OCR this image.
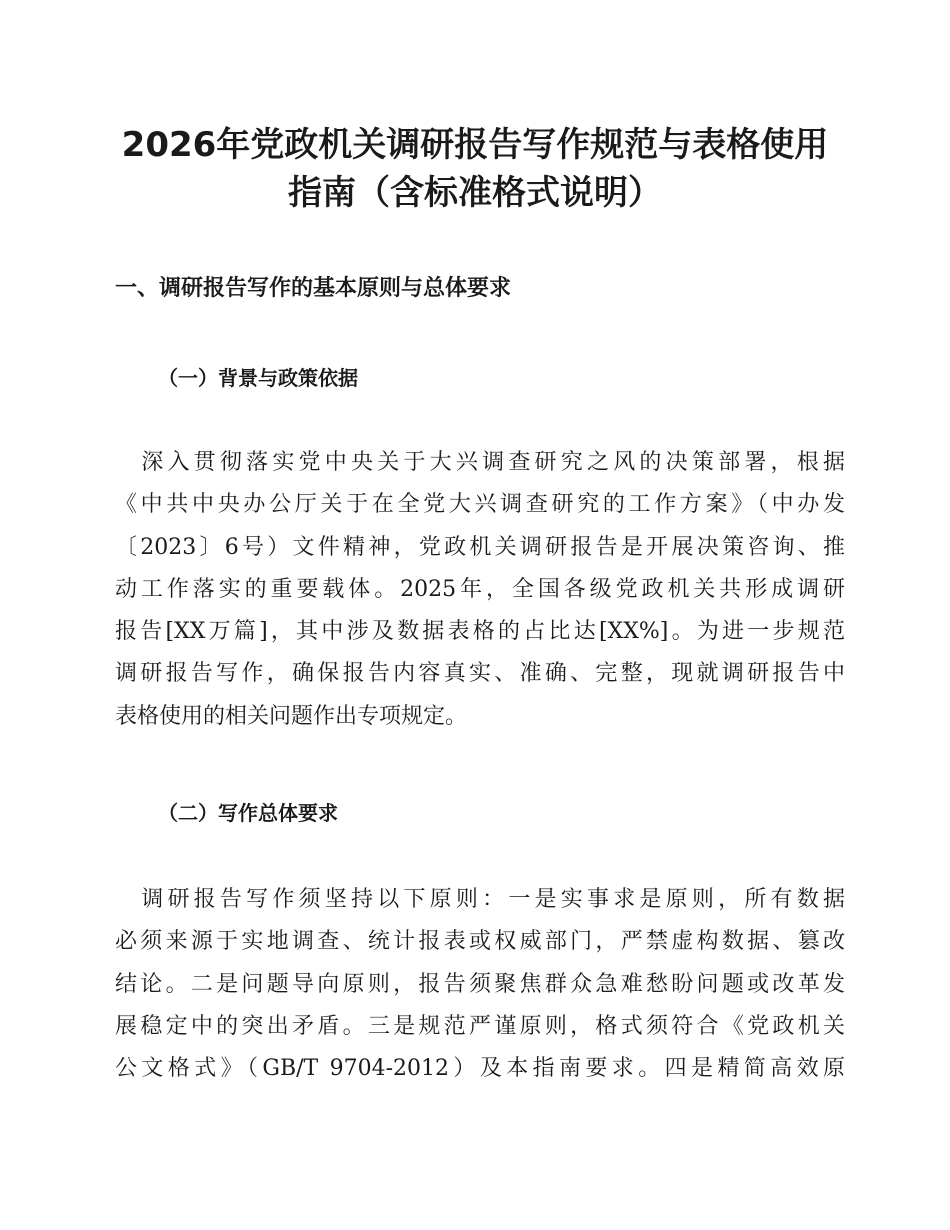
2026年党政机关调研报告写作规范与表格使用
指南（含标准格式说明）
一、调研报告写作的基本原则与总体要求
（一）背景与政策依据
　深入贯彻落实党中央关于大兴调查研究之风的决策部署，根据
《中共中央办公厅关于在全党大兴调查研究的工作方案》（中办发
〔2023〕6号）文件精神，党政机关调研报告是开展决策咨询、推
动工作落实的重要载体。2025年，全国各级党政机关共形成调研
报告[XX万篇]，其中涉及数据表格的占比达[XX%]。为进一步规范
调研报告写作，确保报告内容真实、准确、完整，现就调研报告中
表格使用的相关问题作出专项规定。
（二）写作总体要求
　调研报告写作须坚持以下原则：一是实事求是原则，所有数据
必须来源于实地调查、统计报表或权威部门，严禁虚构数据、篡改
结论。二是问题导向原则，报告须聚焦群众急难愁盼问题或改革发
展稳定中的突出矛盾。三是规范严谨原则，格式须符合《党政机关
公文格式》（GB/T 9704-2012）及本指南要求。四是精简高效原
